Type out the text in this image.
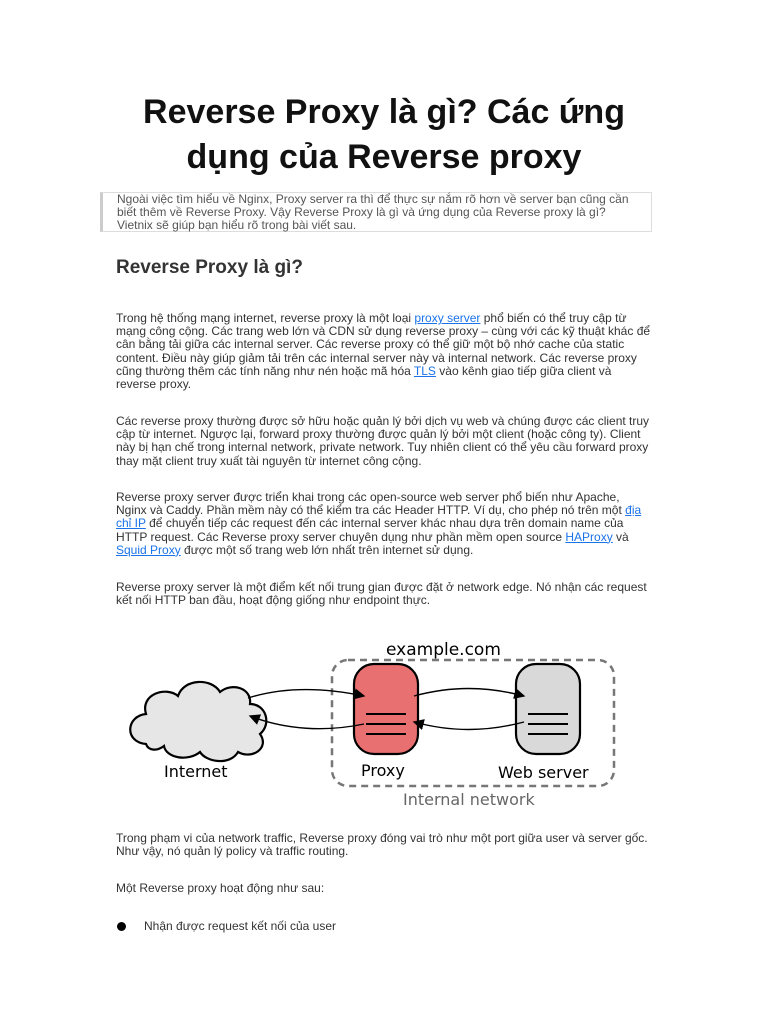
Reverse Proxy là gì? Các ứng dụng của Reverse proxy
Ngoài việc tìm hiểu về Nginx, Proxy server ra thì để thực sự nắm rõ hơn về server bạn cũng cần biết thêm về Reverse Proxy. Vậy Reverse Proxy là gì và ứng dụng của Reverse proxy là gì? Vietnix sẽ giúp bạn hiểu rõ trong bài viết sau.
Reverse Proxy là gì?

Trong hệ thống mạng internet, reverse proxy là một loại proxy server phổ biến có thể truy cập từ mạng công cộng. Các trang web lớn và CDN sử dụng reverse proxy – cùng với các kỹ thuật khác để cân bằng tải giữa các internal server. Các reverse proxy có thể giữ một bộ nhớ cache của static content. Điều này giúp giảm tải trên các internal server này và internal network. Các reverse proxy cũng thường thêm các tính năng như nén hoặc mã hóa TLS vào kênh giao tiếp giữa client và reverse proxy.

Các reverse proxy thường được sở hữu hoặc quản lý bởi dịch vụ web và chúng được các client truy cập từ internet. Ngược lại, forward proxy thường được quản lý bởi một client (hoặc công ty). Client này bị hạn chế trong internal network, private network. Tuy nhiên client có thể yêu cầu forward proxy thay mặt client truy xuất tài nguyên từ internet công cộng.

Reverse proxy server được triển khai trong các open-source web server phổ biến như Apache, Nginx và Caddy. Phần mềm này có thể kiểm tra các Header HTTP. Ví dụ, cho phép nó trên một địa chỉ IP để chuyển tiếp các request đến các internal server khác nhau dựa trên domain name của HTTP request. Các Reverse proxy server chuyên dụng như phần mềm open source HAProxy và Squid Proxy được một số trang web lớn nhất trên internet sử dụng.

Reverse proxy server là một điểm kết nối trung gian được đặt ở network edge. Nó nhận các request kết nối HTTP ban đầu, hoạt động giống như endpoint thực.

example.com
Internet	Proxy	Web server
Internal network

Trong phạm vi của network traffic, Reverse proxy đóng vai trò như một port giữa user và server gốc. Như vậy, nó quản lý policy và traffic routing.

Một Reverse proxy hoạt động như sau:

Nhận được request kết nối của user
